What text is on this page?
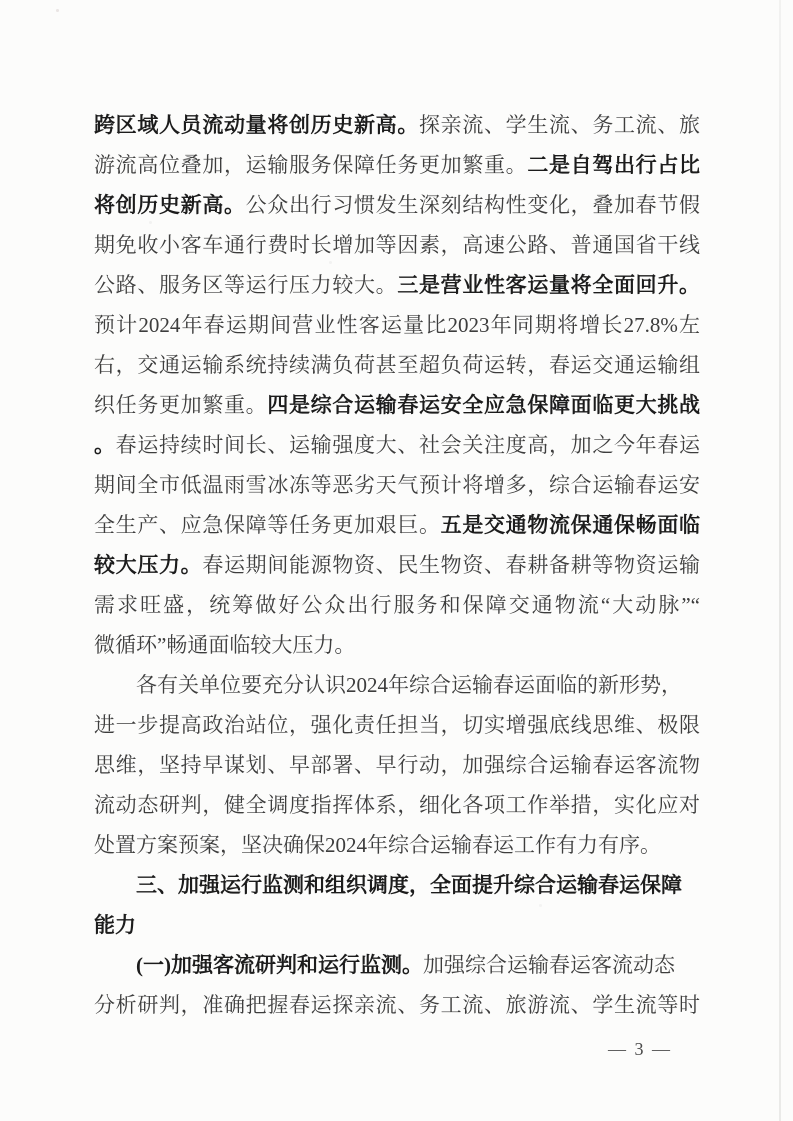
跨区域人员流动量将创历史新高。探亲流、学生流、务工流、旅
游流高位叠加，运输服务保障任务更加繁重。二是自驾出行占比
将创历史新高。公众出行习惯发生深刻结构性变化，叠加春节假
期免收小客车通行费时长增加等因素，高速公路、普通国省干线
公路、服务区等运行压力较大。三是营业性客运量将全面回升。
预计2024年春运期间营业性客运量比2023年同期将增长27.8%左
右，交通运输系统持续满负荷甚至超负荷运转，春运交通运输组
织任务更加繁重。四是综合运输春运安全应急保障面临更大挑战
。春运持续时间长、运输强度大、社会关注度高，加之今年春运
期间全市低温雨雪冰冻等恶劣天气预计将增多，综合运输春运安
全生产、应急保障等任务更加艰巨。五是交通物流保通保畅面临
较大压力。春运期间能源物资、民生物资、春耕备耕等物资运输
需求旺盛，统筹做好公众出行服务和保障交通物流“大动脉”“
微循环”畅通面临较大压力。
各有关单位要充分认识2024年综合运输春运面临的新形势，
进一步提高政治站位，强化责任担当，切实增强底线思维、极限
思维，坚持早谋划、早部署、早行动，加强综合运输春运客流物
流动态研判，健全调度指挥体系，细化各项工作举措，实化应对
处置方案预案，坚决确保2024年综合运输春运工作有力有序。
三、加强运行监测和组织调度，全面提升综合运输春运保障
能力
(一)加强客流研判和运行监测。加强综合运输春运客流动态
分析研判，准确把握春运探亲流、务工流、旅游流、学生流等时
— 3 —
